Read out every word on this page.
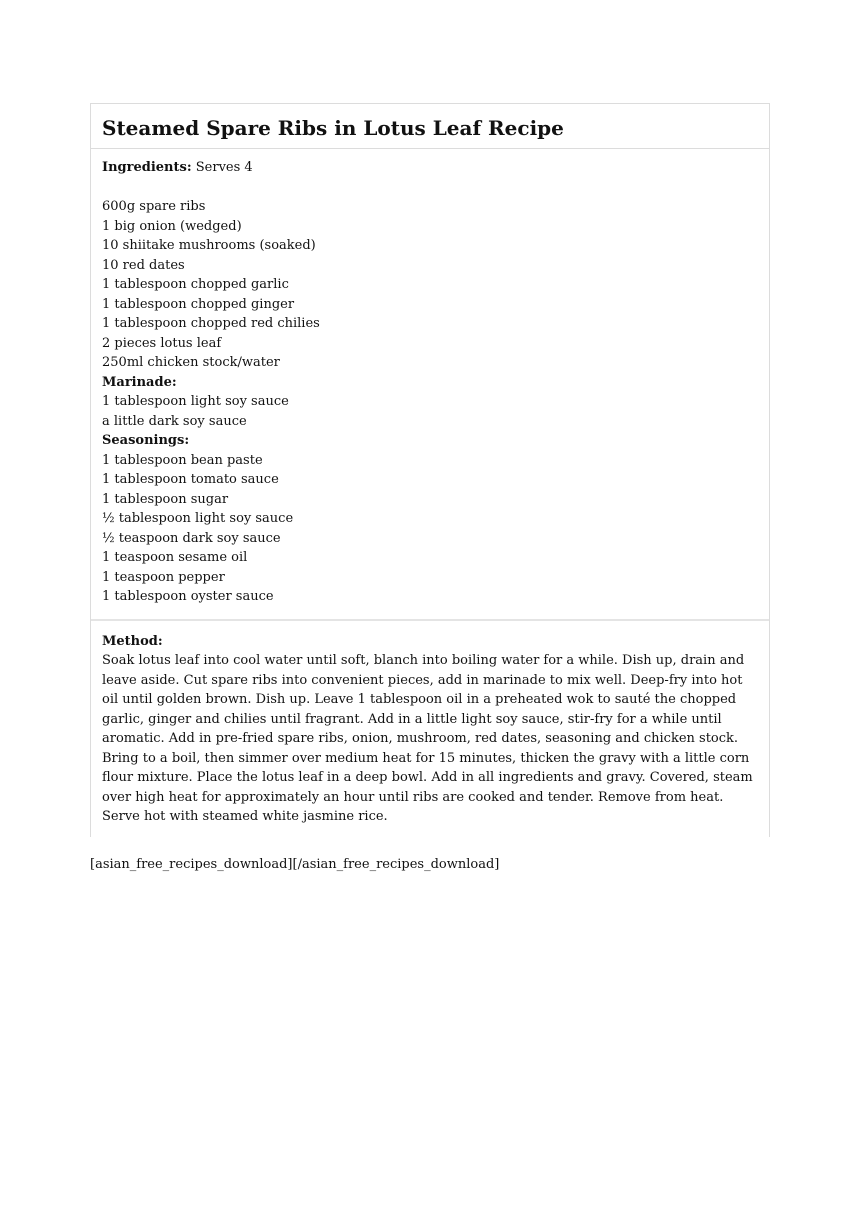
Steamed Spare Ribs in Lotus Leaf Recipe
Ingredients: Serves 4
600g spare ribs
1 big onion (wedged)
10 shiitake mushrooms (soaked)
10 red dates
1 tablespoon chopped garlic
1 tablespoon chopped ginger
1 tablespoon chopped red chilies
2 pieces lotus leaf
250ml chicken stock/water
Marinade:
1 tablespoon light soy sauce
a little dark soy sauce
Seasonings:
1 tablespoon bean paste
1 tablespoon tomato sauce
1 tablespoon sugar
½ tablespoon light soy sauce
½ teaspoon dark soy sauce
1 teaspoon sesame oil
1 teaspoon pepper
1 tablespoon oyster sauce
Method:
Soak lotus leaf into cool water until soft, blanch into boiling water for a while. Dish up, drain and leave aside. Cut spare ribs into convenient pieces, add in marinade to mix well. Deep-fry into hot oil until golden brown. Dish up. Leave 1 tablespoon oil in a preheated wok to sauté the chopped garlic, ginger and chilies until fragrant. Add in a little light soy sauce, stir-fry for a while until aromatic. Add in pre-fried spare ribs, onion, mushroom, red dates, seasoning and chicken stock. Bring to a boil, then simmer over medium heat for 15 minutes, thicken the gravy with a little corn flour mixture. Place the lotus leaf in a deep bowl. Add in all ingredients and gravy. Covered, steam over high heat for approximately an hour until ribs are cooked and tender. Remove from heat. Serve hot with steamed white jasmine rice.
[asian_free_recipes_download][/asian_free_recipes_download]
